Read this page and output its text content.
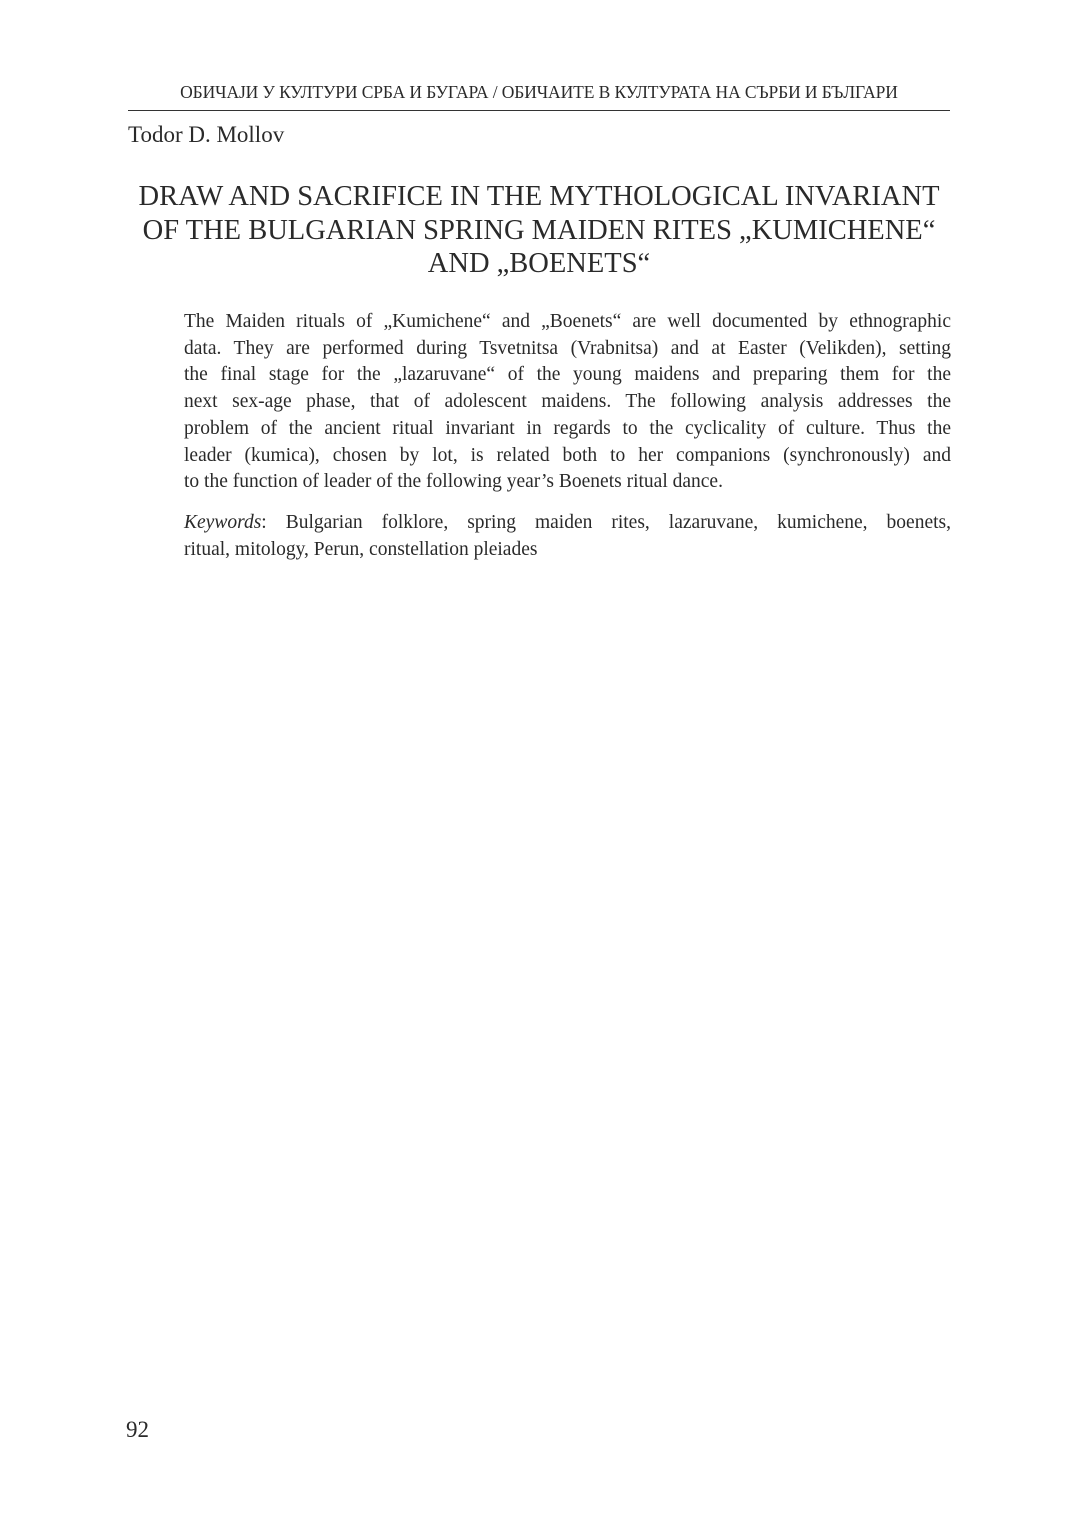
ОБИЧАЈИ У КУЛТУРИ СРБА И БУГАРА / ОБИЧАИТЕ В КУЛТУРАТА НА СЪРБИ И БЪЛГАРИ
Todor D. Mollov
DRAW AND SACRIFICE IN THE MYTHOLOGICAL INVARIANT
OF THE BULGARIAN SPRING MAIDEN RITES „KUMICHENE“
AND „BOENETS“

The Maiden rituals of „Kumichene“ and „Boenets“ are well documented by ethnographic
data. They are performed during Tsvetnitsa (Vrabnitsa) and at Easter (Velikden), setting
the final stage for the „lazaruvane“ of the young maidens and preparing them for the
next sex-age phase, that of adolescent maidens. The following analysis addresses the
problem of the ancient ritual invariant in regards to the cyclicality of culture. Thus the
leader (kumica), chosen by lot, is related both to her companions (synchronously) and
to the function of leader of the following year’s Boenets ritual dance.

Keywords: Bulgarian folklore, spring maiden rites, lazaruvane, kumichene, boenets,
ritual, mitology, Perun, constellation pleiades

92
